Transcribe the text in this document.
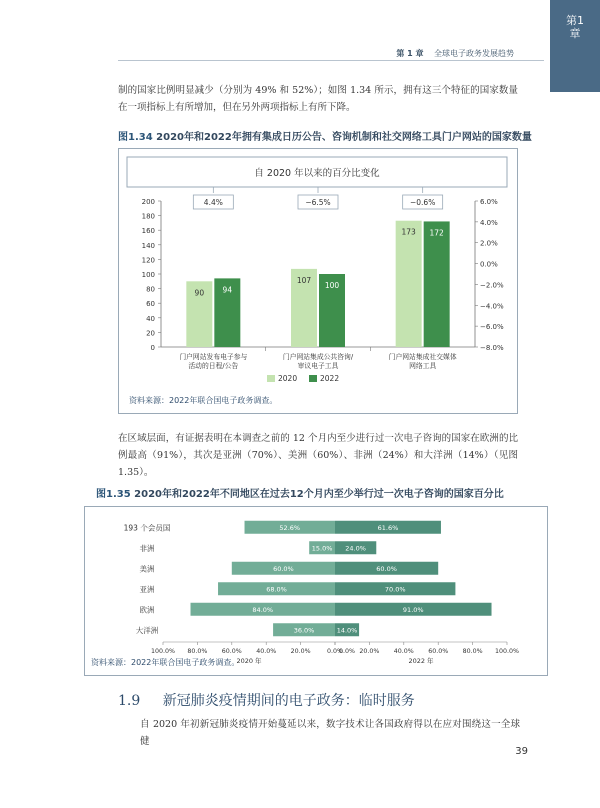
第1
章
第 1 章 全球电子政务发展趋势
制的国家比例明显减少（分别为 49% 和 52%）；如图 1.34 所示，拥有这三个特征的国家数量在一项指标上有所增加，但在另外两项指标上有所下降。
图1.34 2020年和2022年拥有集成日历公告、咨询机制和社交网络工具门户网站的国家数量
自 2020 年以来的百分比变化
0
20
40
60
80
100
120
140
160
180
200	6.0%
4.0%
2.0%
0.0%
−2.0%
−4.0%
−6.0%
−8.0%
4.4%
90 94
门户网站发布电子参与
活动的日程/公告
−6.5%
107
100
门户网站集成公共咨询/
审议电子工具
−0.6%
173 172
门户网站集成社交媒体
网络工具
2020	2022
资料来源：2022年联合国电子政务调查。
在区域层面，有证据表明在本调查之前的 12 个月内至少进行过一次电子咨询的国家在欧洲的比例最高（91%），其次是亚洲（70%）、美洲（60%）、非洲（24%）和大洋洲（14%）（见图 1.35）。
图1.35 2020年和2022年不同地区在过去12个月内至少举行过一次电子咨询的国家百分比
193 个会员国	52.6%	61.6%
非洲	15.0% 24.0%
美洲	60.0%	60.0%
亚洲	68.0%	70.0%
欧洲	84.0%	91.0%
大洋洲	36.0%	14.0%
100.0% 80.0% 60.0% 40.0% 20.0%	0.0%
0.0% 20.0% 40.0% 60.0% 80.0% 100.0%
2020 年	2022 年
资料来源：2022年联合国电子政务调查。
1.9 新冠肺炎疫情期间的电子政务：临时服务
自 2020 年初新冠肺炎疫情开始蔓延以来，数字技术让各国政府得以在应对围绕这一全球健
39
